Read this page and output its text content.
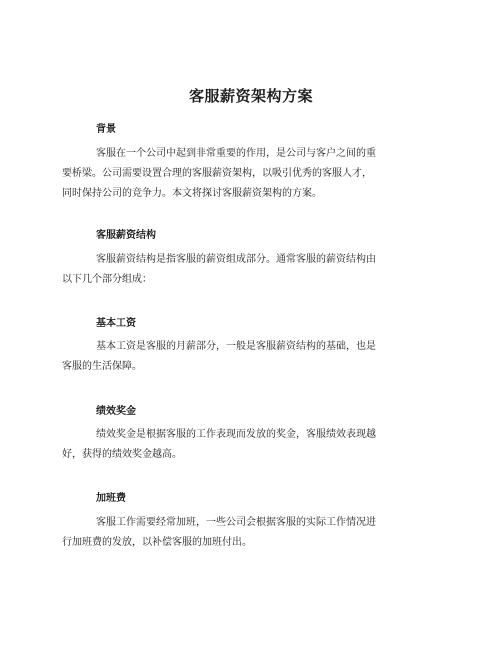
客服薪资架构方案
背景
客服在一个公司中起到非常重要的作用，是公司与客户之间的重
要桥梁。公司需要设置合理的客服薪资架构，以吸引优秀的客服人才，
同时保持公司的竞争力。本文将探讨客服薪资架构的方案。
客服薪资结构
客服薪资结构是指客服的薪资组成部分。通常客服的薪资结构由
以下几个部分组成：
基本工资
基本工资是客服的月薪部分，一般是客服薪资结构的基础，也是
客服的生活保障。
绩效奖金
绩效奖金是根据客服的工作表现而发放的奖金，客服绩效表现越
好，获得的绩效奖金越高。
加班费
客服工作需要经常加班，一些公司会根据客服的实际工作情况进
行加班费的发放，以补偿客服的加班付出。
